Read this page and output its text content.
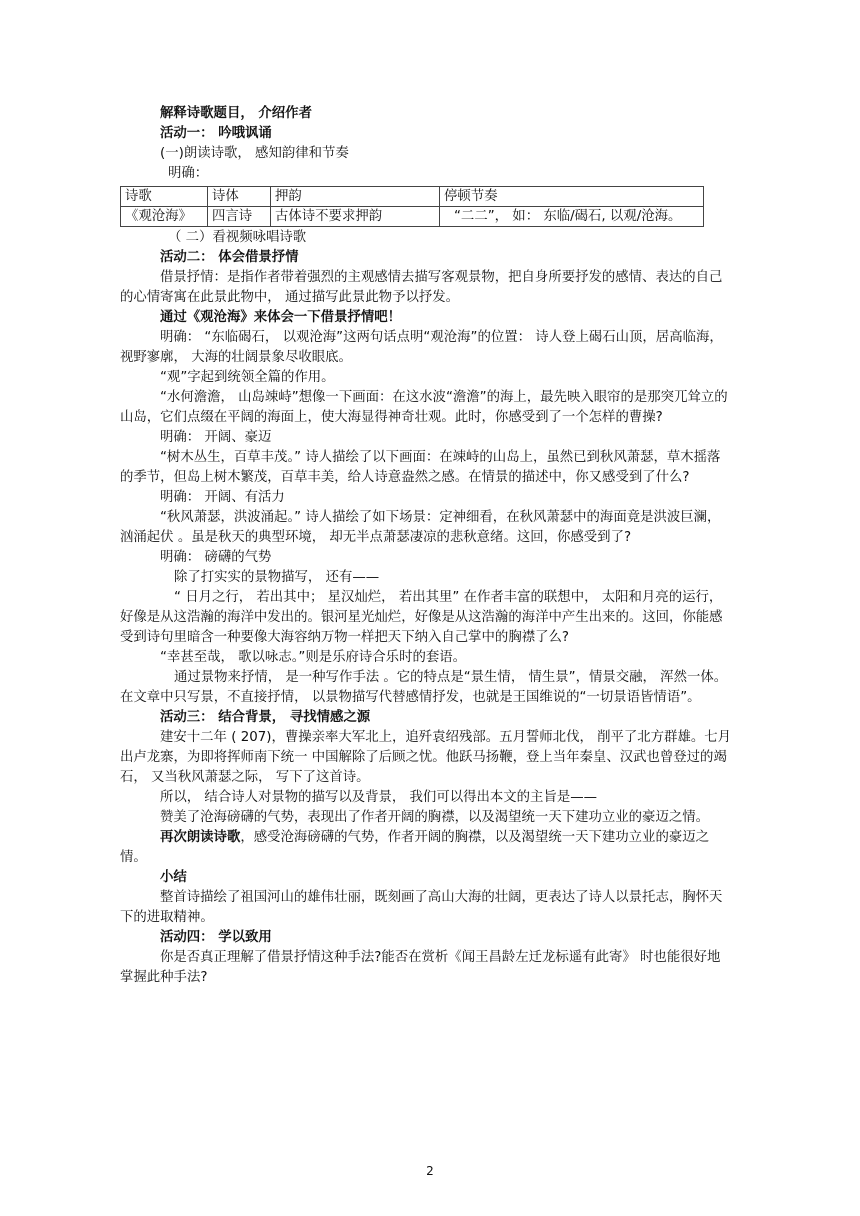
解释诗歌题目， 介绍作者

活动一： 吟哦讽诵

(一)朗读诗歌， 感知韵律和节奏

明确：

诗歌	诗体	押韵	停顿节奏
《观沧海》	四言诗	古体诗不要求押韵	“二二”， 如： 东临/碣石, 以观/沧海。

（ 二）看视频咏唱诗歌

活动二： 体会借景抒情

借景抒情：是指作者带着强烈的主观感情去描写客观景物，把自身所要抒发的感情、表达的自己的心情寄寓在此景此物中， 通过描写此景此物予以抒发。

通过《观沧海》来体会一下借景抒情吧！

明确： “东临碣石， 以观沧海”这两句话点明“观沧海”的位置： 诗人登上碣石山顶，居高临海， 视野寥廓， 大海的壮阔景象尽收眼底。

“观”字起到统领全篇的作用。

“水何澹澹， 山岛竦峙”想像一下画面：在这水波“澹澹”的海上，最先映入眼帘的是那突兀耸立的山岛，它们点缀在平阔的海面上，使大海显得神奇壮观。此时，你感受到了一个怎样的曹操?

明确： 开阔、豪迈

“树木丛生，百草丰茂。” 诗人描绘了以下画面：在竦峙的山岛上，虽然已到秋风萧瑟，草木摇落的季节，但岛上树木繁茂，百草丰美，给人诗意盎然之感。在情景的描述中，你又感受到了什么?

明确： 开阔、有活力

“秋风萧瑟，洪波涌起。” 诗人描绘了如下场景：定神细看，在秋风萧瑟中的海面竟是洪波巨澜，汹涌起伏 。虽是秋天的典型环境， 却无半点萧瑟凄凉的悲秋意绪。这回，你感受到了?

明确： 磅礴的气势

除了打实实的景物描写， 还有——

“ 日月之行， 若出其中； 星汉灿烂， 若出其里” 在作者丰富的联想中， 太阳和月亮的运行，好像是从这浩瀚的海洋中发出的。银河星光灿烂，好像是从这浩瀚的海洋中产生出来的。这回，你能感受到诗句里暗含一种要像大海容纳万物一样把天下纳入自己掌中的胸襟了么?

“幸甚至哉， 歌以咏志。”则是乐府诗合乐时的套语。

通过景物来抒情， 是一种写作手法 。它的特点是“景生情， 情生景”，情景交融， 浑然一体。在文章中只写景，不直接抒情， 以景物描写代替感情抒发，也就是王国维说的“一切景语皆情语”。

活动三： 结合背景， 寻找情感之源

建安十二年 ( 207)，曹操亲率大军北上，追歼袁绍残部。五月誓师北伐， 削平了北方群雄。七月出卢龙寨，为即将挥师南下统一 中国解除了后顾之忧。他跃马扬鞭，登上当年秦皇、汉武也曾登过的竭石， 又当秋风萧瑟之际， 写下了这首诗。

所以， 结合诗人对景物的描写以及背景， 我们可以得出本文的主旨是——

赞美了沧海磅礴的气势，表现出了作者开阔的胸襟，以及渴望统一天下建功立业的豪迈之情。

再次朗读诗歌，感受沧海磅礴的气势，作者开阔的胸襟，以及渴望统一天下建功立业的豪迈之情。

小结

整首诗描绘了祖国河山的雄伟壮丽，既刻画了高山大海的壮阔，更表达了诗人以景托志，胸怀天下的进取精神。

活动四： 学以致用

你是否真正理解了借景抒情这种手法?能否在赏析《闻王昌龄左迁龙标遥有此寄》 时也能很好地掌握此种手法?

2
